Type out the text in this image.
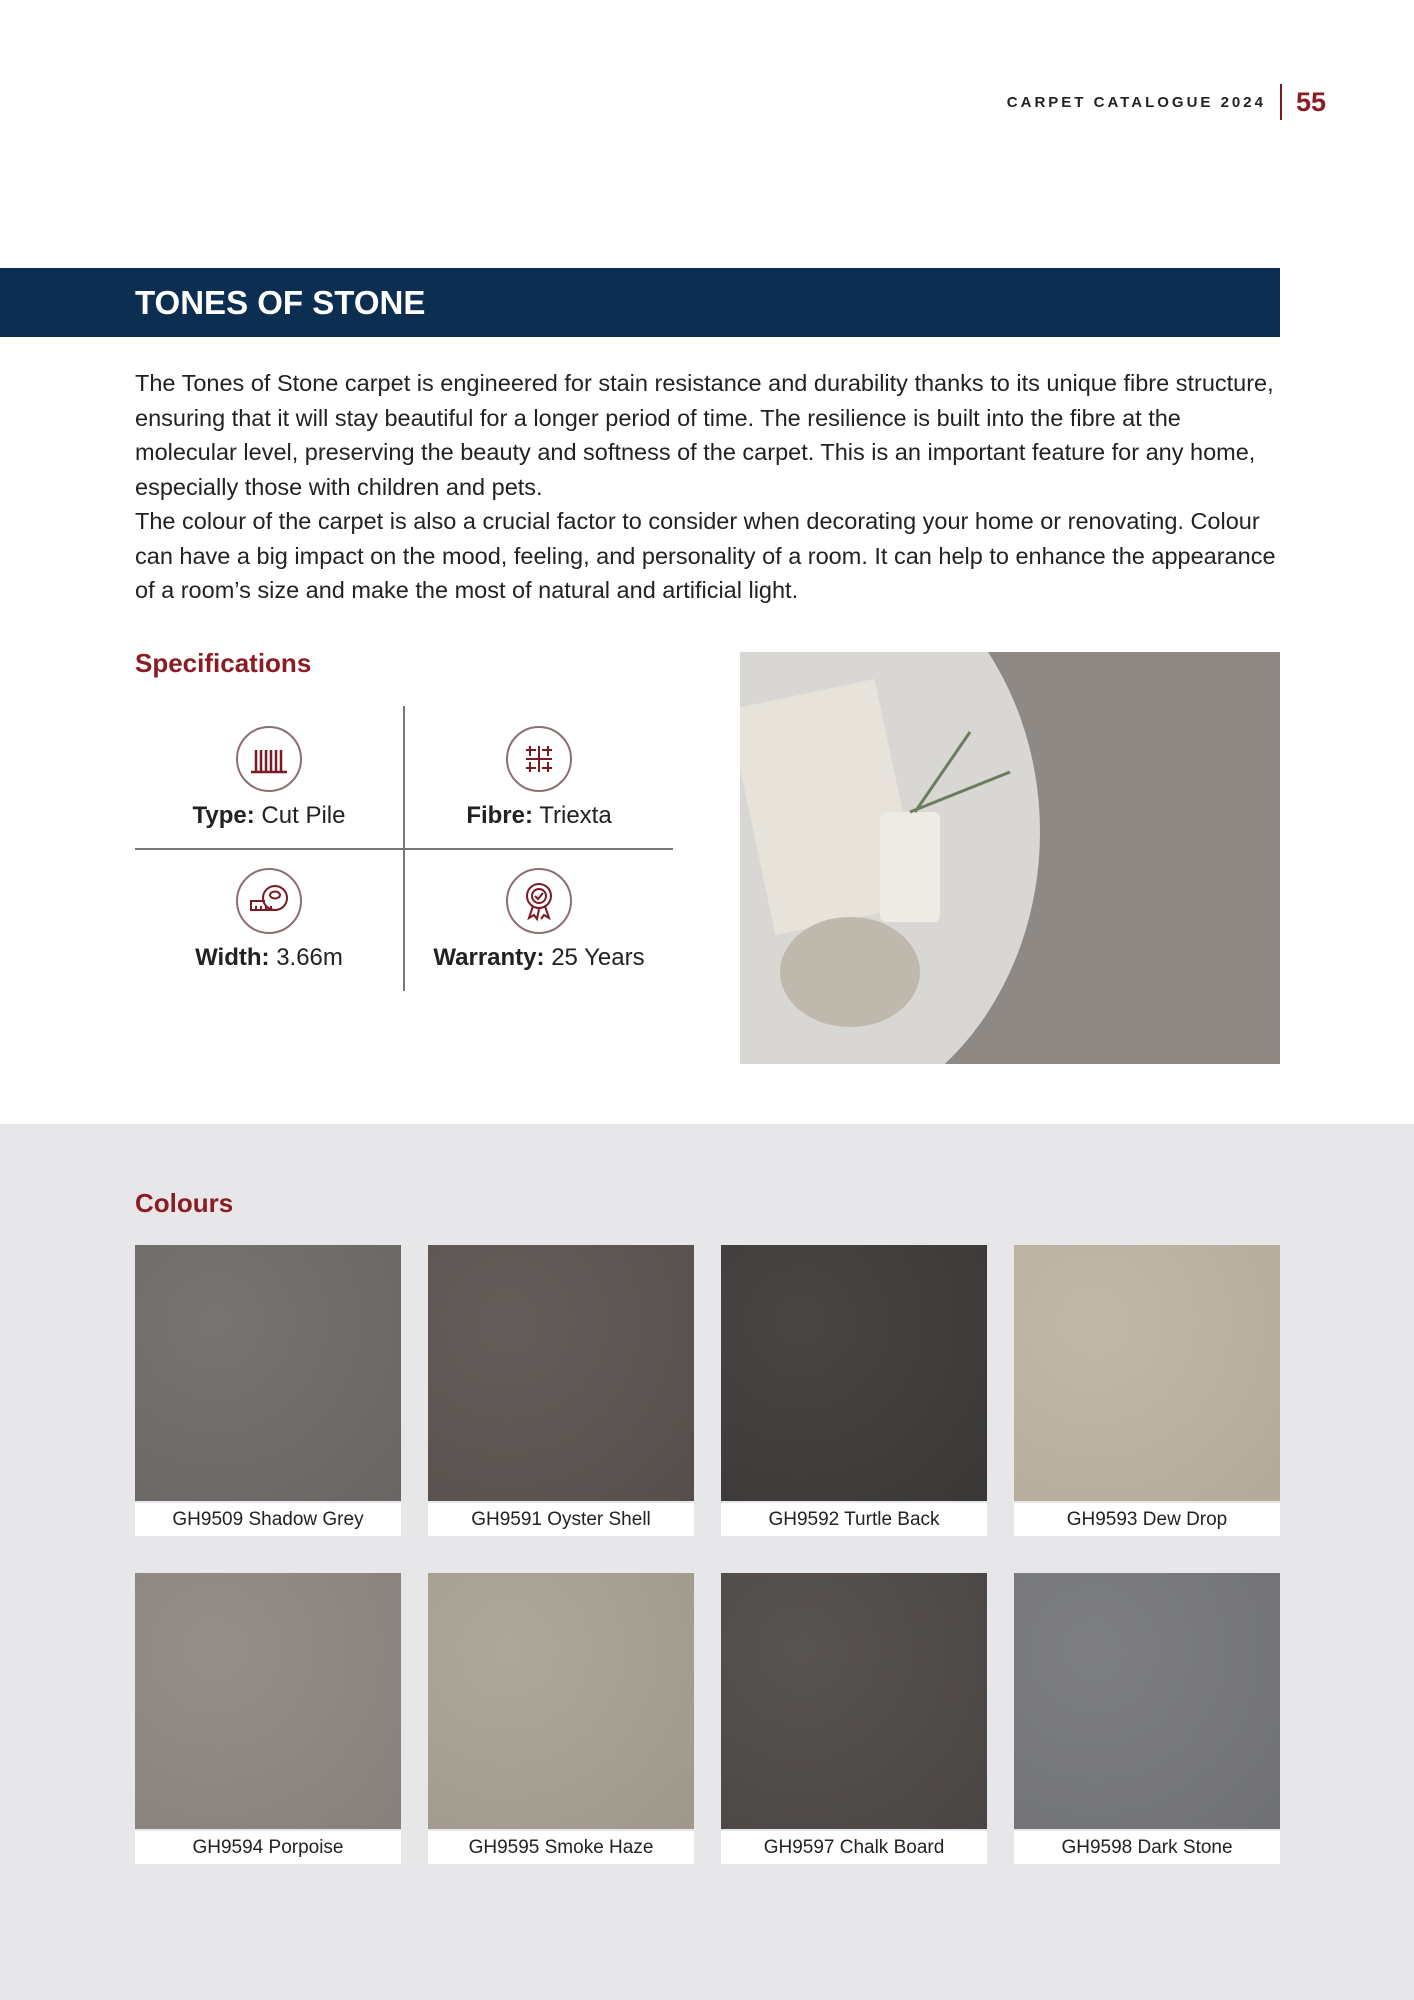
CARPET CATALOGUE 2024 55
TONES OF STONE

The Tones of Stone carpet is engineered for stain resistance and durability thanks to its unique fibre structure, ensuring that it will stay beautiful for a longer period of time. The resilience is built into the fibre at the molecular level, preserving the beauty and softness of the carpet. This is an important feature for any home, especially those with children and pets.

The colour of the carpet is also a crucial factor to consider when decorating your home or renovating. Colour can have a big impact on the mood, feeling, and personality of a room. It can help to enhance the appearance of a room’s size and make the most of natural and artificial light.

Specifications
Type: Cut Pile	Fibre: Triexta
Width: 3.66m	Warranty: 25 Years
Colours
GH9509 Shadow Grey	GH9591 Oyster Shell	GH9592 Turtle Back	GH9593 Dew Drop
GH9594 Porpoise	GH9595 Smoke Haze	GH9597 Chalk Board	GH9598 Dark Stone
